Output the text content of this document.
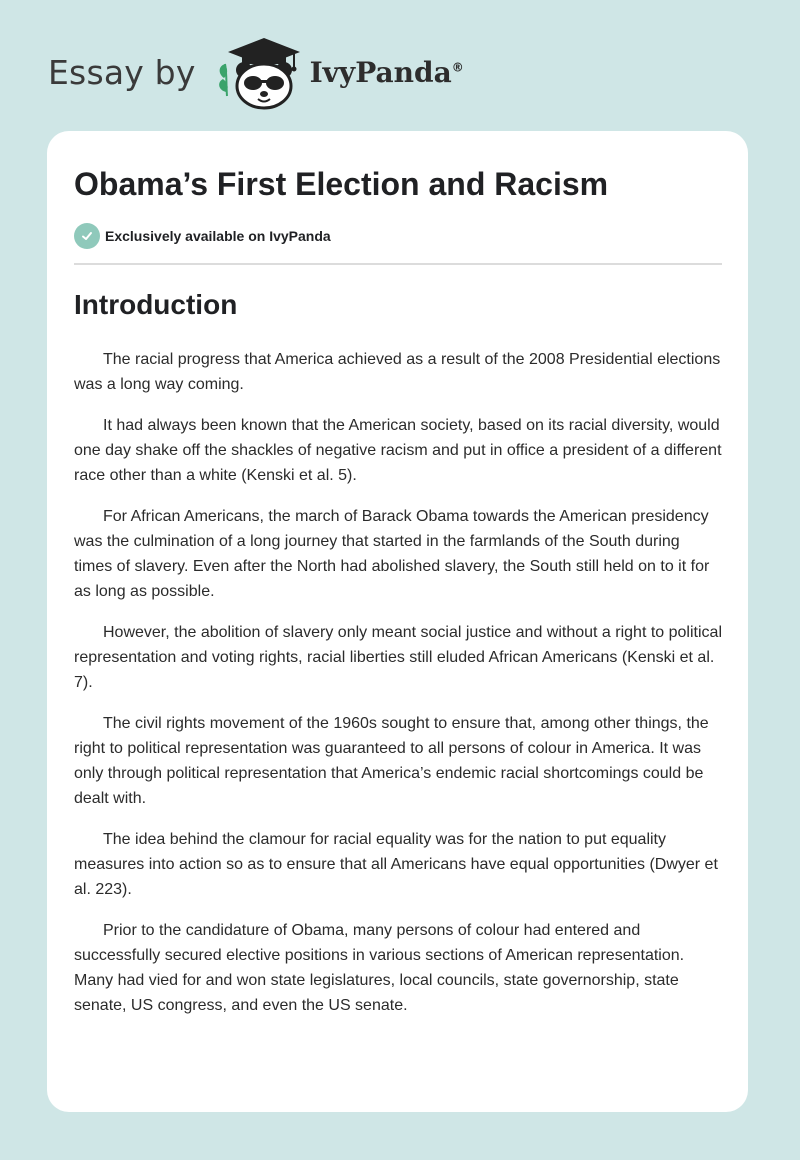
Essay by	IvyPanda®
Obama’s First Election and Racism
Exclusively available on IvyPanda
Introduction

The racial progress that America achieved as a result of the 2008 Presidential elections was a long way coming.

It had always been known that the American society, based on its racial diversity, would one day shake off the shackles of negative racism and put in office a president of a different race other than a white (Kenski et al. 5).

For African Americans, the march of Barack Obama towards the American presidency was the culmination of a long journey that started in the farmlands of the South during times of slavery. Even after the North had abolished slavery, the South still held on to it for as long as possible.

However, the abolition of slavery only meant social justice and without a right to political representation and voting rights, racial liberties still eluded African Americans (Kenski et al. 7).

The civil rights movement of the 1960s sought to ensure that, among other things, the right to political representation was guaranteed to all persons of colour in America. It was only through political representation that America’s endemic racial shortcomings could be dealt with.

The idea behind the clamour for racial equality was for the nation to put equality measures into action so as to ensure that all Americans have equal opportunities (Dwyer et al. 223).

Prior to the candidature of Obama, many persons of colour had entered and successfully secured elective positions in various sections of American representation. Many had vied for and won state legislatures, local councils, state governorship, state senate, US congress, and even the US senate.
